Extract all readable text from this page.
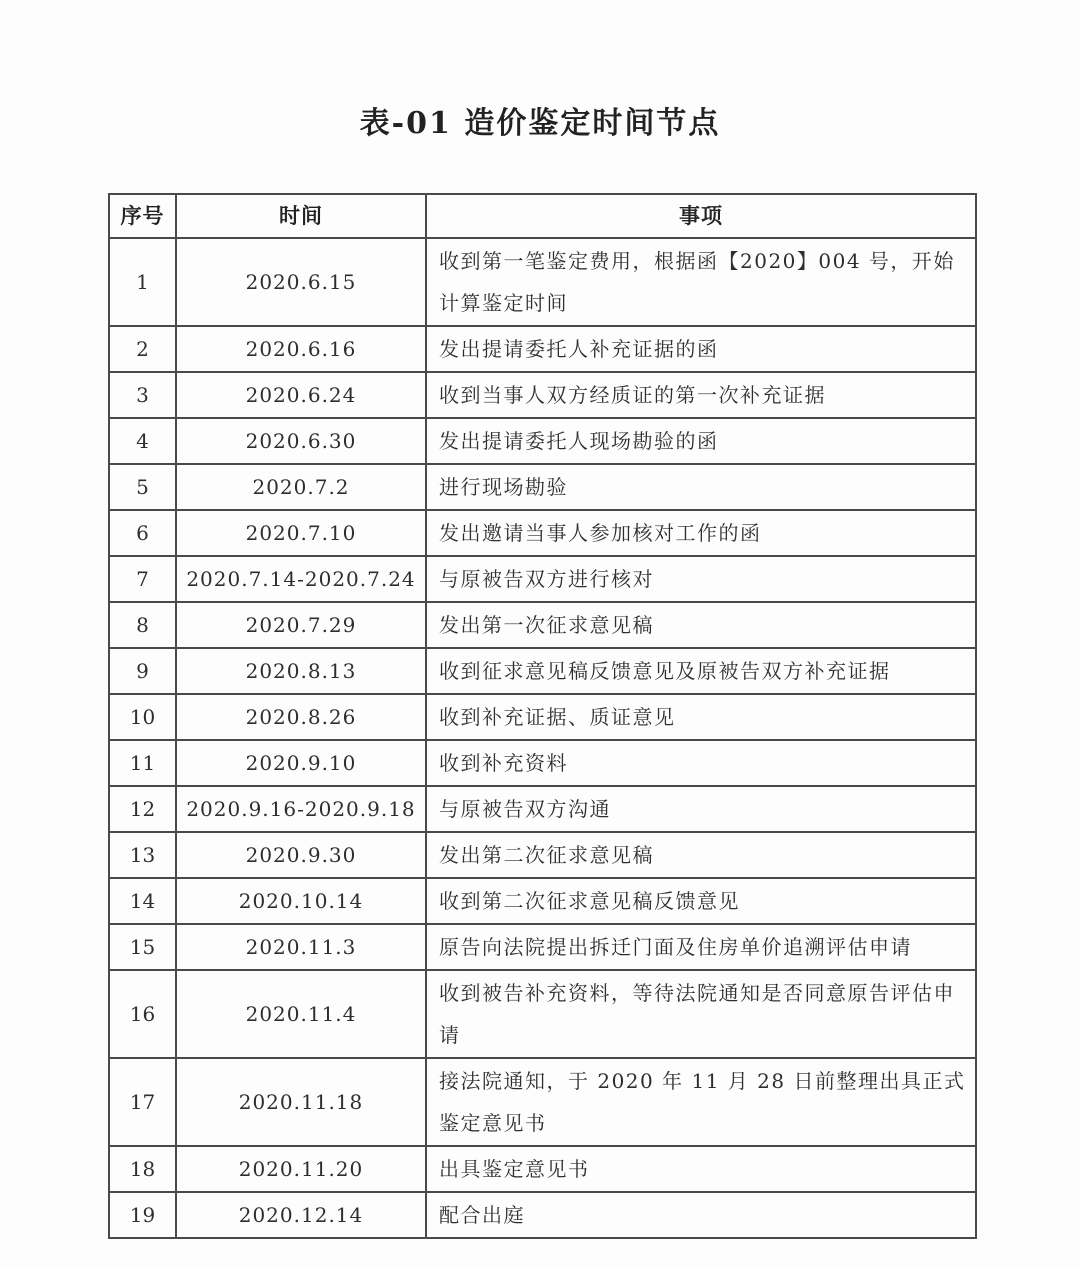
表-01 造价鉴定时间节点
序号	时间	事项
1	2020.6.15	收到第一笔鉴定费用，根据函【2020】004 号，开始计算鉴定时间
2	2020.6.16	发出提请委托人补充证据的函
3	2020.6.24	收到当事人双方经质证的第一次补充证据
4	2020.6.30	发出提请委托人现场勘验的函
5	2020.7.2	进行现场勘验
6	2020.7.10	发出邀请当事人参加核对工作的函
7	2020.7.14-2020.7.24	与原被告双方进行核对
8	2020.7.29	发出第一次征求意见稿
9	2020.8.13	收到征求意见稿反馈意见及原被告双方补充证据
10	2020.8.26	收到补充证据、质证意见
11	2020.9.10	收到补充资料
12	2020.9.16-2020.9.18	与原被告双方沟通
13	2020.9.30	发出第二次征求意见稿
14	2020.10.14	收到第二次征求意见稿反馈意见
15	2020.11.3	原告向法院提出拆迁门面及住房单价追溯评估申请
16	2020.11.4	收到被告补充资料，等待法院通知是否同意原告评估申请
17	2020.11.18	接法院通知，于 2020 年 11 月 28 日前整理出具正式鉴定意见书
18	2020.11.20	出具鉴定意见书
19	2020.12.14	配合出庭
